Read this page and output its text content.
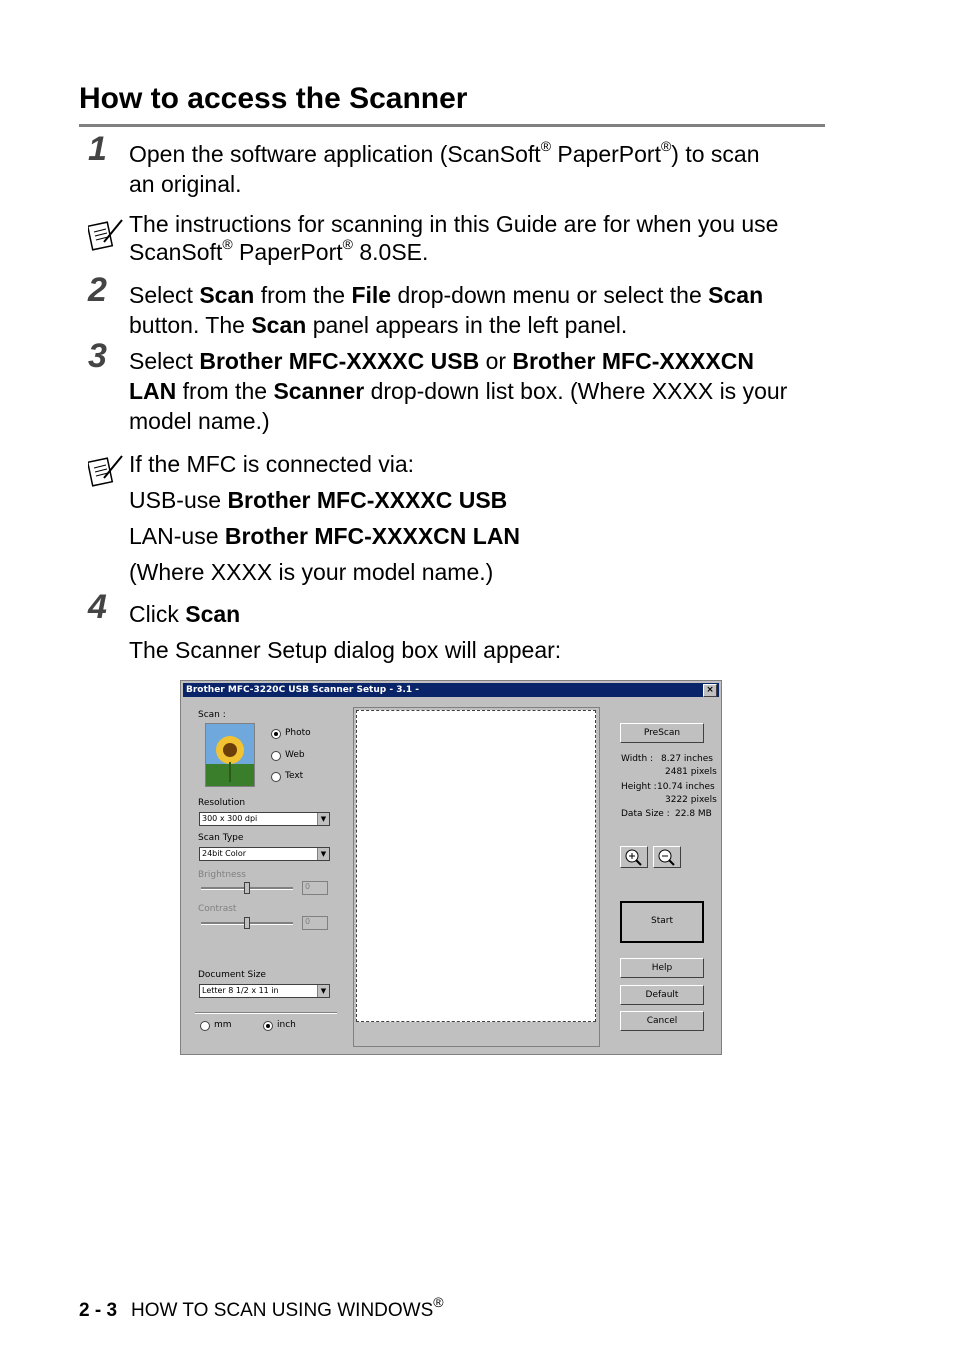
How to access the Scanner
1 Open the software application (ScanSoft® PaperPort®) to scan
an original.
The instructions for scanning in this Guide are for when you use
ScanSoft® PaperPort® 8.0SE.
2 Select Scan from the File drop-down menu or select the Scan
button. The Scan panel appears in the left panel.
3 Select Brother MFC-XXXXC USB or Brother MFC-XXXXCN
LAN from the Scanner drop-down list box. (Where XXXX is your
model name.)
If the MFC is connected via:
USB-use Brother MFC-XXXXC USB
LAN-use Brother MFC-XXXXCN LAN
(Where XXXX is your model name.)
4 Click Scan
The Scanner Setup dialog box will appear:
Brother MFC-3220C USB Scanner Setup - 3.1 -	×
Scan :
Photo
Web
Text
Resolution
300 x 300 dpi	▼
Scan Type
24bit Color	▼
Brightness
0
Contrast
0
Document Size
Letter 8 1/2 x 11 in	▼
mm	inch
PreScan
Width : 8.27 inches
2481 pixels
Height : 10.74 inches
3222 pixels
Data Size : 22.8 MB
Start
Help
Default
Cancel
2 - 3 HOW TO SCAN USING WINDOWS®
